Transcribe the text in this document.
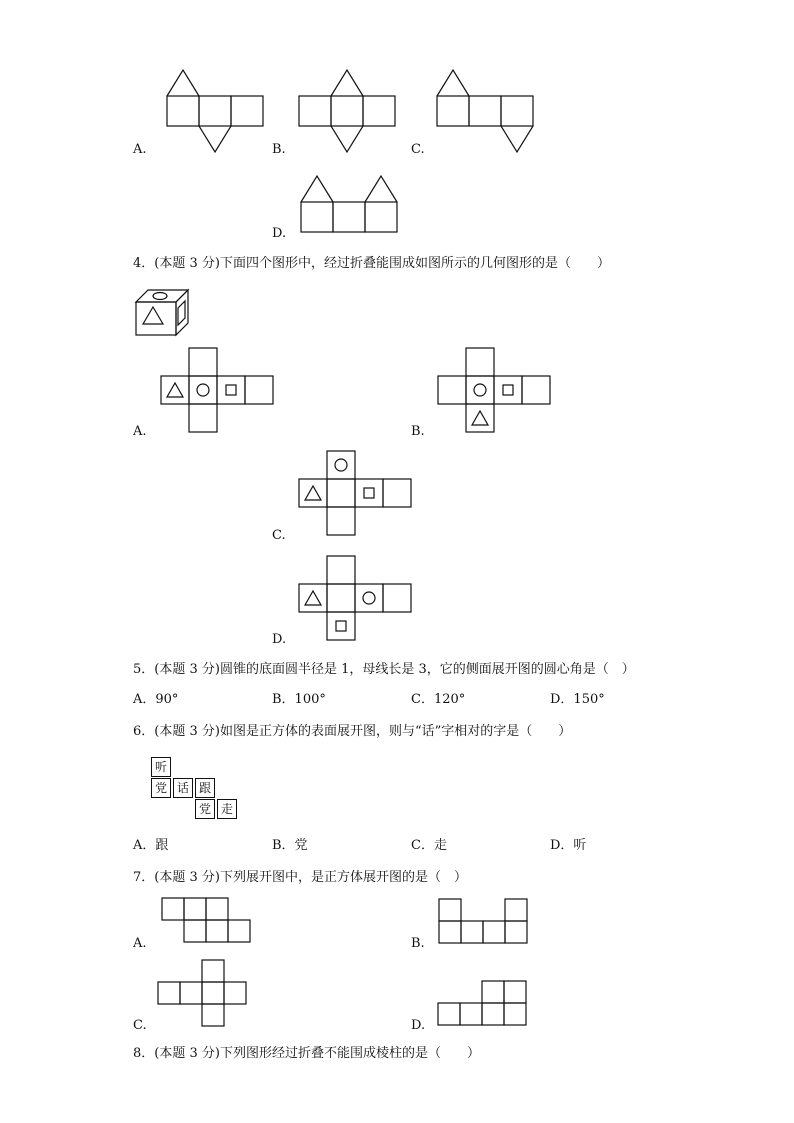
A.	B.	C.
D.
4．(本题 3 分)下面四个图形中，经过折叠能围成如图所示的几何图形的是（　　）
A.	B.
C.
D.
5．(本题 3 分)圆锥的底面圆半径是 1，母线长是 3，它的侧面展开图的圆心角是（　）
A．90°	B．100°	C．120°	D．150°
6．(本题 3 分)如图是正方体的表面展开图，则与“话”字相对的字是（　　）
听
党 话 跟
党 走
A．跟	B．党	C．走	D．听
7．(本题 3 分)下列展开图中，是正方体展开图的是（　）
A.	B.
C.	D.
8．(本题 3 分)下列图形经过折叠不能围成棱柱的是（　　）
